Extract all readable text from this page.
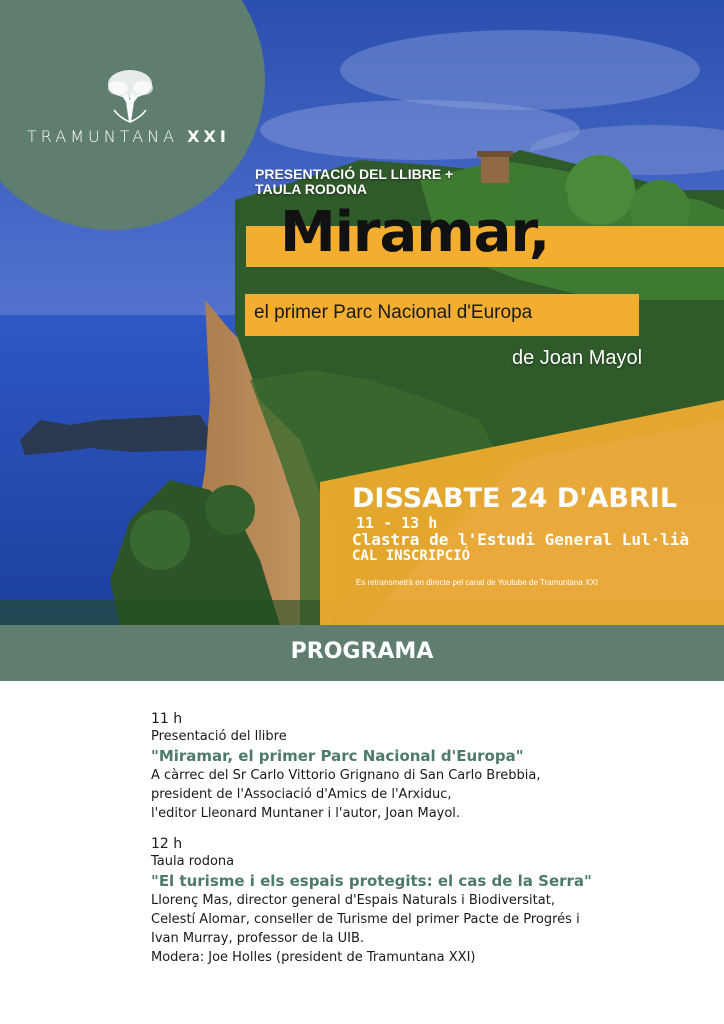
TRAMUNTANA XXI
PRESENTACIÓ DEL LLIBRE +
TAULA RODONA
Miramar,
el primer Parc Nacional d'Europa
de Joan Mayol
DISSABTE 24 D'ABRIL
11 - 13 h
Clastra de l'Estudi General Lul·lià
CAL INSCRIPCIÓ
Es retransmetrà en directe pel canal de Youtube de Tramuntana XXI
PROGRAMA
11 h
Presentació del llibre
"Miramar, el primer Parc Nacional d'Europa"
A càrrec del Sr Carlo Vittorio Grignano di San Carlo Brebbia,
president de l'Associació d'Amics de l'Arxiduc,
l'editor Lleonard Muntaner i l'autor, Joan Mayol.
12 h
Taula rodona
"El turisme i els espais protegits: el cas de la Serra"
Llorenç Mas, director general d'Espais Naturals i Biodiversitat,
Celestí Alomar, conseller de Turisme del primer Pacte de Progrés i
Ivan Murray, professor de la UIB.
Modera: Joe Holles (president de Tramuntana XXI)
